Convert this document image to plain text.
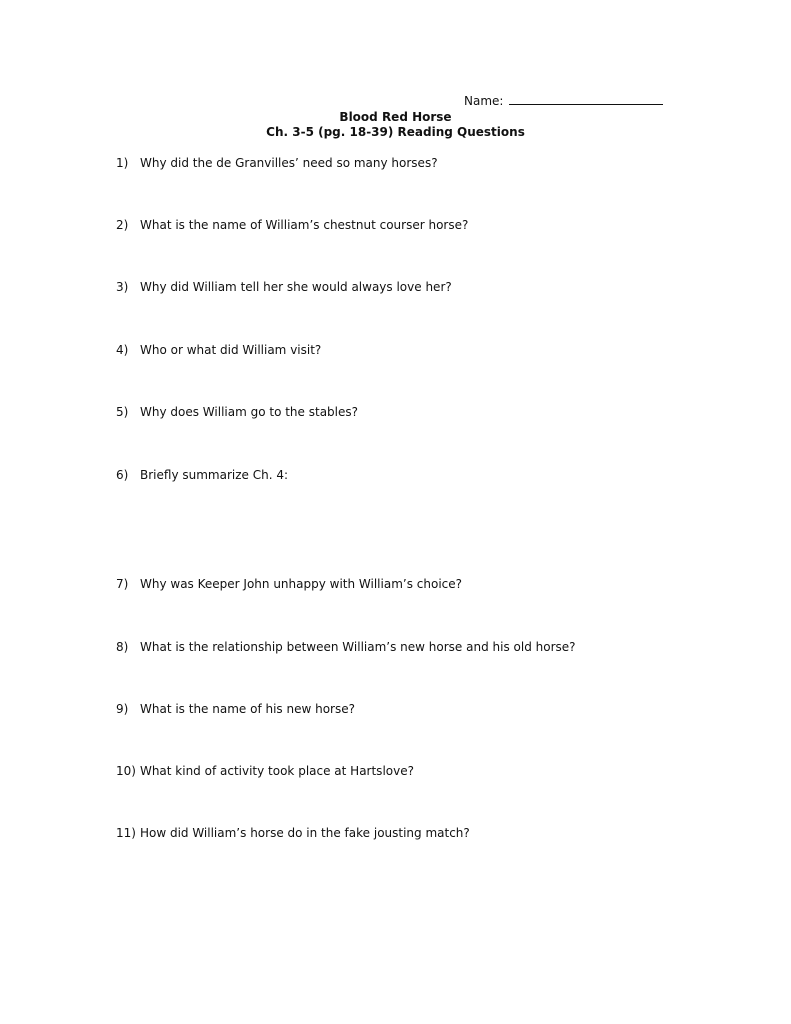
Name:
Blood Red Horse
Ch. 3-5 (pg. 18-39) Reading Questions
1) Why did the de Granvilles’ need so many horses?
2) What is the name of William’s chestnut courser horse?
3) Why did William tell her she would always love her?
4) Who or what did William visit?
5) Why does William go to the stables?
6) Briefly summarize Ch. 4:
7) Why was Keeper John unhappy with William’s choice?
8) What is the relationship between William’s new horse and his old horse?
9) What is the name of his new horse?
10) What kind of activity took place at Hartslove?
11) How did William’s horse do in the fake jousting match?
